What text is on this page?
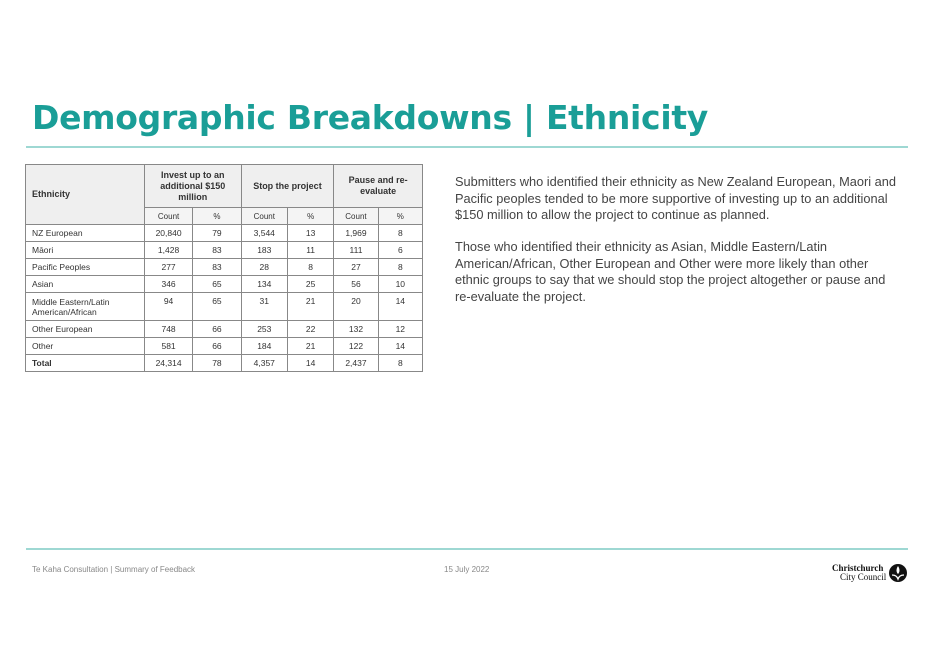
Demographic Breakdowns | Ethnicity
Ethnicity	Invest up to an additional $150 million		Stop the project		Pause and re-evaluate	

	Count	%	Count	%	Count	%
NZ European	20,840	79	3,544	13	1,969	8
Māori	1,428	83	183	11	111	6
Pacific Peoples	277	83	28	8	27	8
Asian	346	65	134	25	56	10

Middle Eastern/Latin American/African	94	65	31	21	20	14
Other European	748	66	253	22	132	12
Other	581	66	184	21	122	14
Total	24,314	78	4,357	14	2,437	8
Submitters who identified their ethnicity as New Zealand European, Maori and Pacific peoples tended to be more supportive of investing up to an additional $150 million to allow the project to continue as planned.
Those who identified their ethnicity as Asian, Middle Eastern/Latin American/African, Other European and Other were more likely than other ethnic groups to say that we should stop the project altogether or pause and re-evaluate the project.
Te Kaha Consultation | Summary of Feedback	15 July 2022	Christchurch
City Council
